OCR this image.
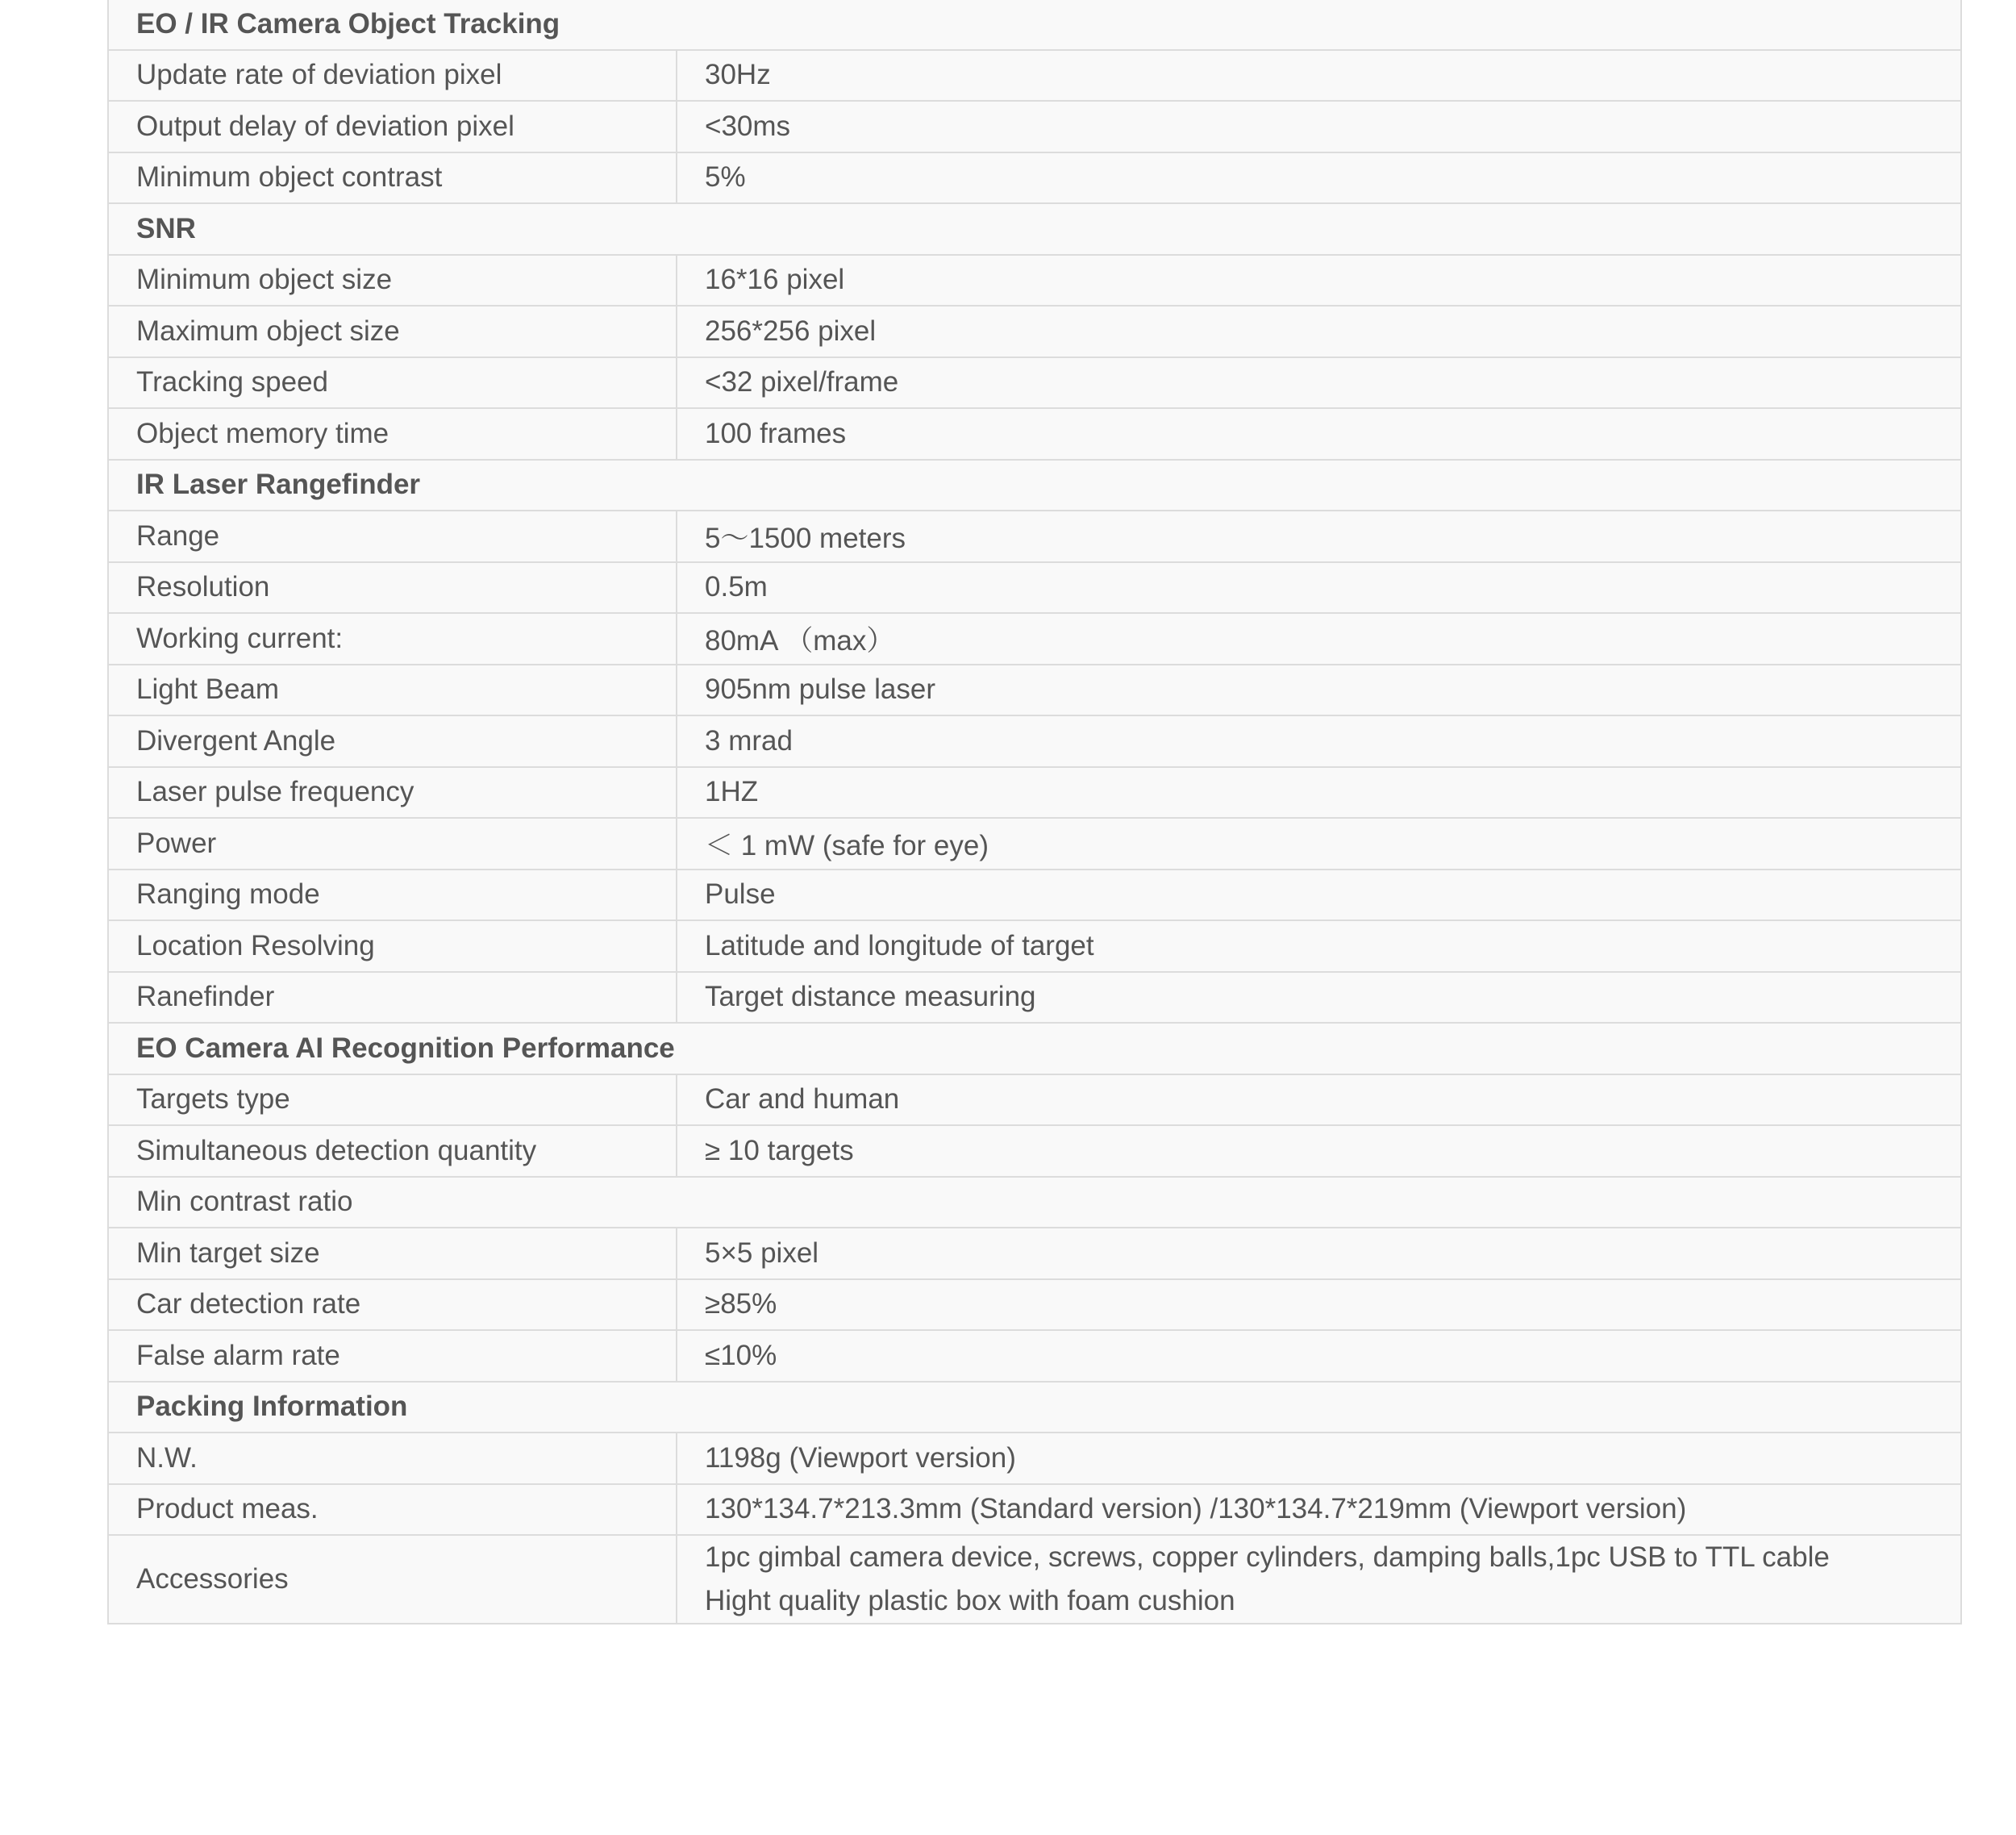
EO / IR Camera Object Tracking	
Update rate of deviation pixel	30Hz
Output delay of deviation pixel	<30ms
Minimum object contrast	5%
SNR	
Minimum object size	16*16 pixel
Maximum object size	256*256 pixel
Tracking speed	<32 pixel/frame
Object memory time	100 frames
IR Laser Rangefinder	
Range	5～1500 meters
Resolution	0.5m
Working current:	80mA （max）
Light Beam	905nm pulse laser
Divergent Angle	3 mrad
Laser pulse frequency	1HZ
Power	＜ 1 mW (safe for eye)
Ranging mode	Pulse
Location Resolving	Latitude and longitude of target
Ranefinder	Target distance measuring
EO Camera AI Recognition Performance	
Targets type	Car and human
Simultaneous detection quantity	≥ 10 targets
Min contrast ratio	
Min target size	5×5 pixel
Car detection rate	≥85%
False alarm rate	≤10%
Packing Information	
N.W.	1198g (Viewport version)
Product meas.	130*134.7*213.3mm (Standard version) /130*134.7*219mm (Viewport version)
Accessories	1pc gimbal camera device, screws, copper cylinders, damping balls,1pc USB to TTL cable
Hight quality plastic box with foam cushion
